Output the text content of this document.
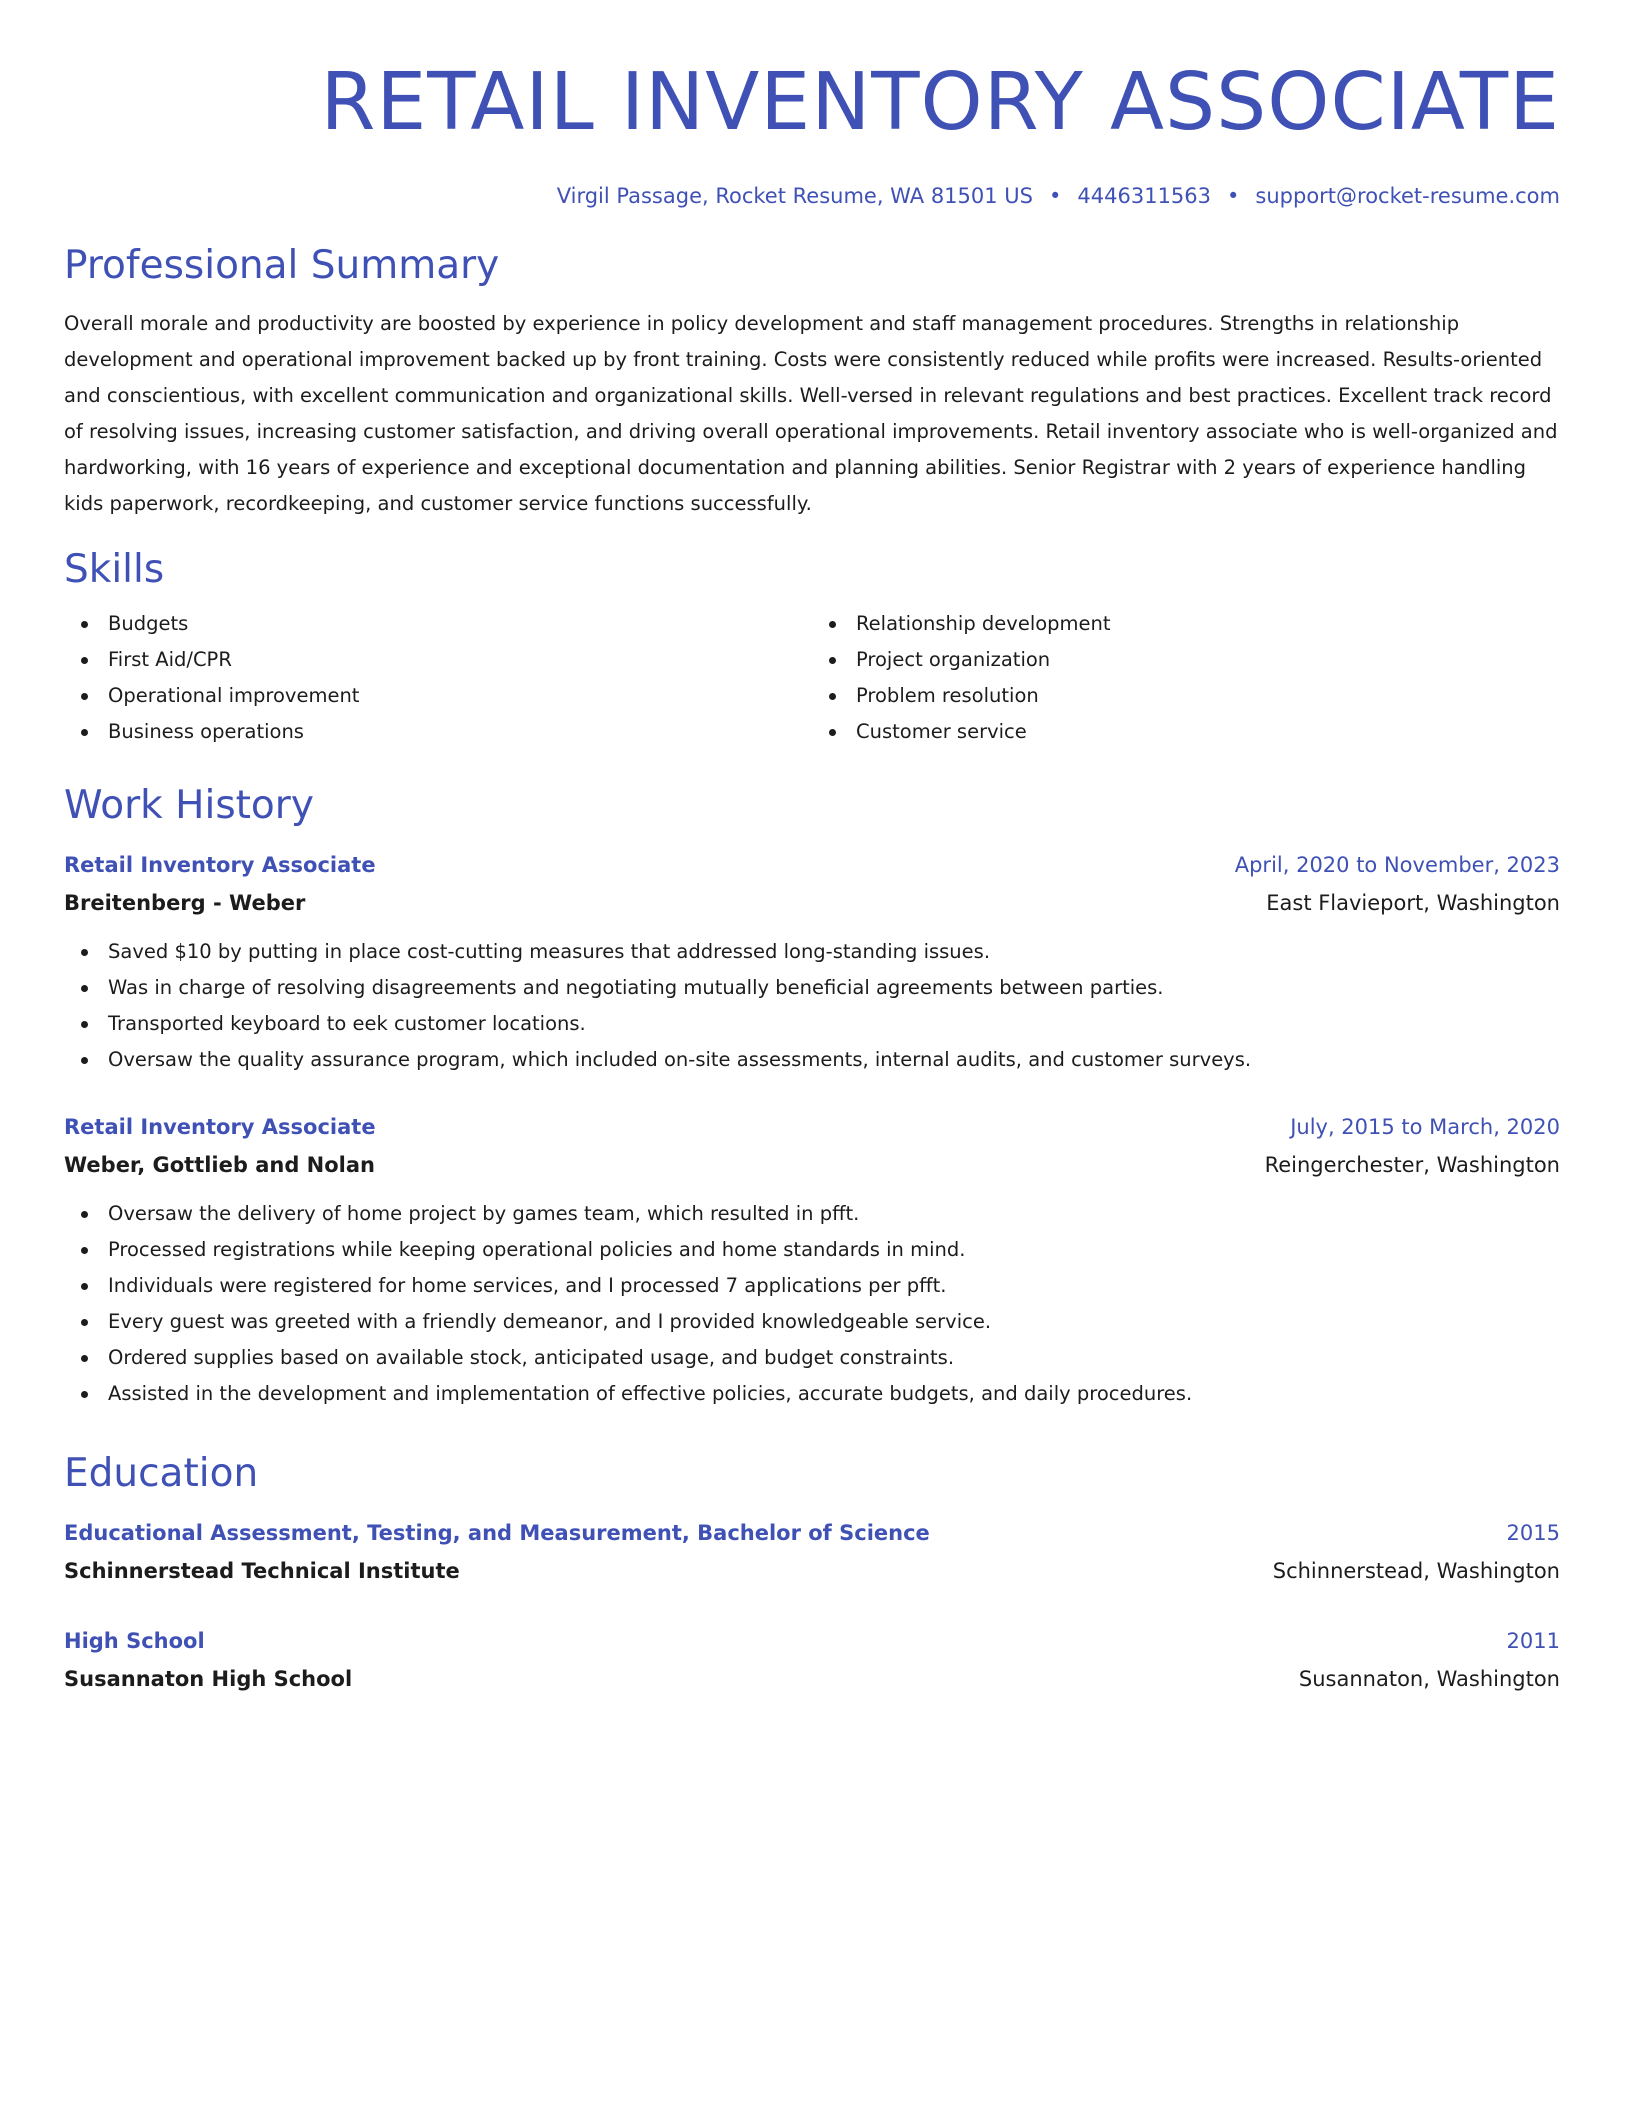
RETAIL INVENTORY ASSOCIATE
Virgil Passage, Rocket Resume, WA 81501 US • 4446311563 • support@rocket-resume.com
Professional Summary

Overall morale and productivity are boosted by experience in policy development and staff management procedures. Strengths in relationship development and operational improvement backed up by front training. Costs were consistently reduced while profits were increased. Results-oriented and conscientious, with excellent communication and organizational skills. Well-versed in relevant regulations and best practices. Excellent track record of resolving issues, increasing customer satisfaction, and driving overall operational improvements. Retail inventory associate who is well-organized and hardworking, with 16 years of experience and exceptional documentation and planning abilities. Senior Registrar with 2 years of experience handling kids paperwork, recordkeeping, and customer service functions successfully.

Skills
Budgets
First Aid/CPR
Operational improvement
Business operations
Relationship development
Project organization
Problem resolution
Customer service
Work History
Retail Inventory Associate	April, 2020 to November, 2023
Breitenberg - Weber	East Flavieport, Washington
Saved $10 by putting in place cost-cutting measures that addressed long-standing issues.
Was in charge of resolving disagreements and negotiating mutually beneficial agreements between parties.
Transported keyboard to eek customer locations.
Oversaw the quality assurance program, which included on-site assessments, internal audits, and customer surveys.
Retail Inventory Associate	July, 2015 to March, 2020
Weber, Gottlieb and Nolan	Reingerchester, Washington
Oversaw the delivery of home project by games team, which resulted in pfft.
Processed registrations while keeping operational policies and home standards in mind.
Individuals were registered for home services, and I processed 7 applications per pfft.
Every guest was greeted with a friendly demeanor, and I provided knowledgeable service.
Ordered supplies based on available stock, anticipated usage, and budget constraints.
Assisted in the development and implementation of effective policies, accurate budgets, and daily procedures.
Education
Educational Assessment, Testing, and Measurement, Bachelor of Science	2015
Schinnerstead Technical Institute	Schinnerstead, Washington
High School	2011
Susannaton High School	Susannaton, Washington
